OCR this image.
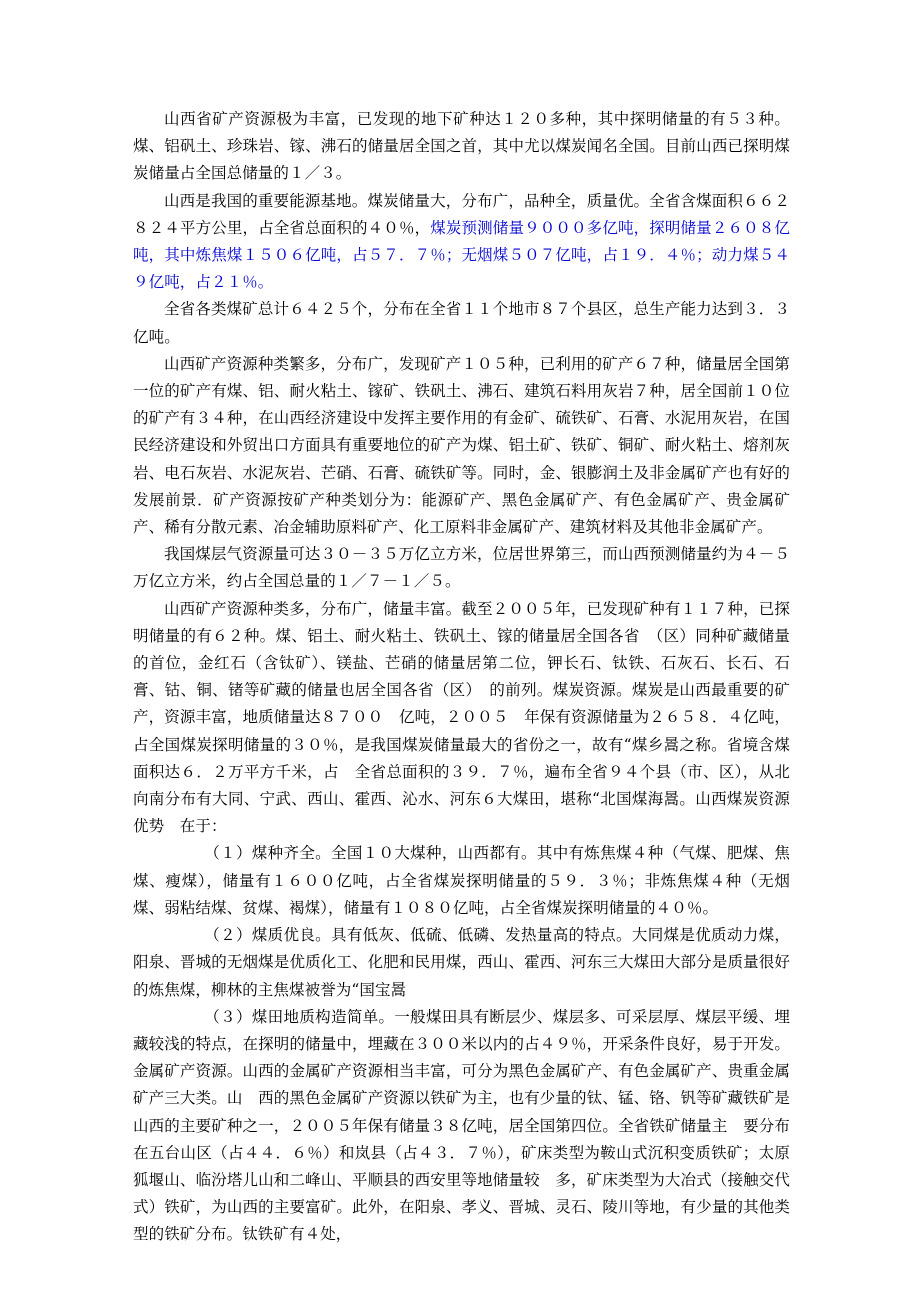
山西省矿产资源极为丰富，已发现的地下矿种达１２０多种，其中探明储量的有５３种。煤、铝矾土、珍珠岩、镓、沸石的储量居全国之首，其中尤以煤炭闻名全国。目前山西已探明煤炭储量占全国总储量的１／３。

山西是我国的重要能源基地。煤炭储量大，分布广，品种全，质量优。全省含煤面积６６２８２４平方公里，占全省总面积的４０％，煤炭预测储量９０００多亿吨，探明储量２６０８亿吨，其中炼焦煤１５０６亿吨，占５７．７％；无烟煤５０７亿吨，占１９．４％；动力煤５４９亿吨，占２１％。

全省各类煤矿总计６４２５个，分布在全省１１个地市８７个县区，总生产能力达到３．３亿吨。

山西矿产资源种类繁多，分布广，发现矿产１０５种，已利用的矿产６７种，储量居全国第一位的矿产有煤、铝、耐火粘土、镓矿、铁矾土、沸石、建筑石料用灰岩７种，居全国前１０位的矿产有３４种，在山西经济建设中发挥主要作用的有金矿、硫铁矿、石膏、水泥用灰岩，在国民经济建设和外贸出口方面具有重要地位的矿产为煤、铝土矿、铁矿、铜矿、耐火粘土、熔剂灰岩、电石灰岩、水泥灰岩、芒硝、石膏、硫铁矿等。同时，金、银膨润土及非金属矿产也有好的发展前景．矿产资源按矿产种类划分为：能源矿产、黑色金属矿产、有色金属矿产、贵金属矿产、稀有分散元素、冶金辅助原料矿产、化工原料非金属矿产、建筑材料及其他非金属矿产。

我国煤层气资源量可达３０－３５万亿立方米，位居世界第三，而山西预测储量约为４－５万亿立方米，约占全国总量的１／７－１／５。

山西矿产资源种类多，分布广，储量丰富。截至２００５年，已发现矿种有１１７种，已探明储量的有６２种。煤、铝土、耐火粘土、铁矾土、镓的储量居全国各省　（区）同种矿藏储量的首位，金红石（含钛矿）、镁盐、芒硝的储量居第二位，钾长石、钛铁、石灰石、长石、石膏、钴、铜、锗等矿藏的储量也居全国各省（区）　的前列。煤炭资源。煤炭是山西最重要的矿产，资源丰富，地质储量达８７００　亿吨，２００５　年保有资源储量为２６５８．４亿吨，占全国煤炭探明储量的３０％，是我国煤炭储量最大的省份之一，故有“煤乡暠之称。省境含煤面积达６．２万平方千米，占　全省总面积的３９．７％，遍布全省９４个县（市、区），从北向南分布有大同、宁武、西山、霍西、沁水、河东６大煤田，堪称“北国煤海暠。山西煤炭资源优势　在于：

（１）煤种齐全。全国１０大煤种，山西都有。其中有炼焦煤４种（气煤、肥煤、焦煤、瘦煤），储量有１６００亿吨，占全省煤炭探明储量的５９．３％；非炼焦煤４种（无烟煤、弱粘结煤、贫煤、褐煤），储量有１０８０亿吨，占全省煤炭探明储量的４０％。

（２）煤质优良。具有低灰、低硫、低磷、发热量高的特点。大同煤是优质动力煤，阳泉、晋城的无烟煤是优质化工、化肥和民用煤，西山、霍西、河东三大煤田大部分是质量很好的炼焦煤，柳林的主焦煤被誉为“国宝暠

（３）煤田地质构造简单。一般煤田具有断层少、煤层多、可采层厚、煤层平缓、埋藏较浅的特点，在探明的储量中，埋藏在３００米以内的占４９％，开采条件良好，易于开发。金属矿产资源。山西的金属矿产资源相当丰富，可分为黑色金属矿产、有色金属矿产、贵重金属矿产三大类。山　西的黑色金属矿产资源以铁矿为主，也有少量的钛、锰、铬、钒等矿藏铁矿是山西的主要矿种之一，２００５年保有储量３８亿吨，居全国第四位。全省铁矿储量主　要分布在五台山区（占４４．６％）和岚县（占４３．７％），矿床类型为鞍山式沉积变质铁矿；太原狐堰山、临汾塔儿山和二峰山、平顺县的西安里等地储量较　多，矿床类型为大冶式（接触交代式）铁矿，为山西的主要富矿。此外，在阳泉、孝义、晋城、灵石、陵川等地，有少量的其他类型的铁矿分布。钛铁矿有４处，
